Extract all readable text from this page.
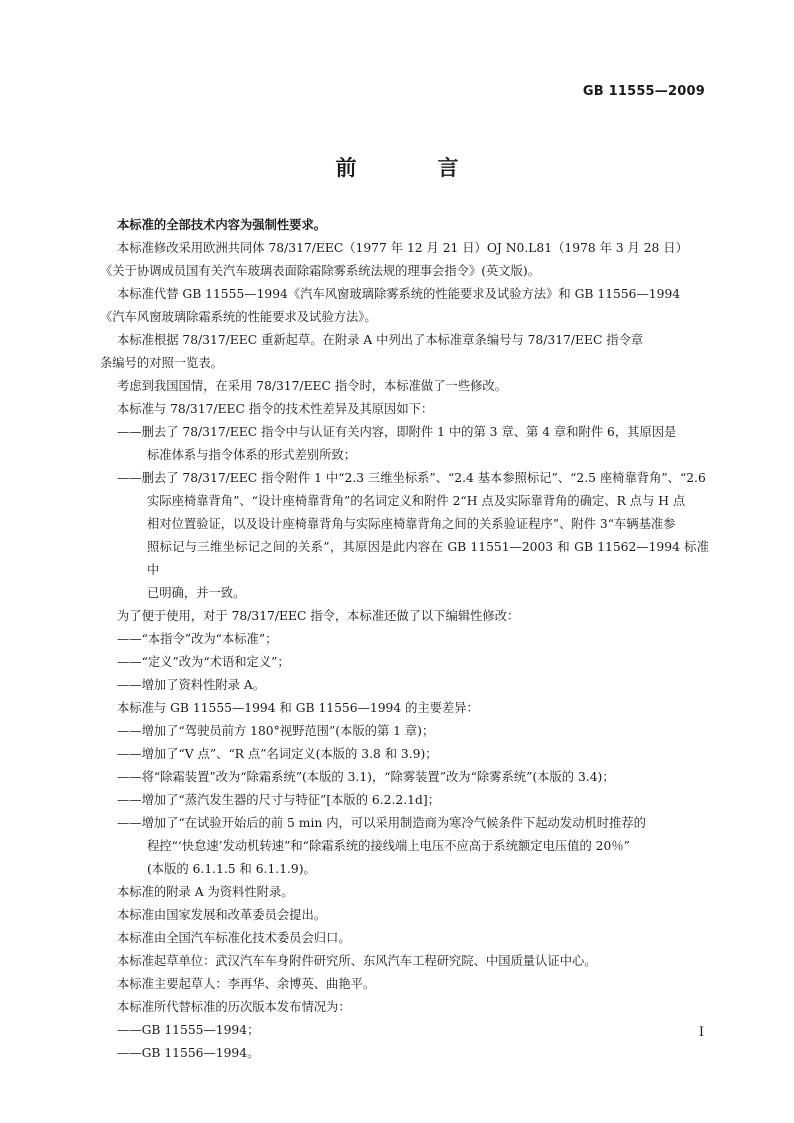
GB 11555—2009
前　言

本标准的全部技术内容为强制性要求。

本标准修改采用欧洲共同体 78/317/EEC（1977 年 12 月 21 日）OJ N0.L81（1978 年 3 月 28 日）

《关于协调成员国有关汽车玻璃表面除霜除雾系统法规的理事会指令》(英文版)。

本标准代替 GB 11555—1994《汽车风窗玻璃除雾系统的性能要求及试验方法》和 GB 11556—1994

《汽车风窗玻璃除霜系统的性能要求及试验方法》。

本标准根据 78/317/EEC 重新起草。在附录 A 中列出了本标准章条编号与 78/317/EEC 指令章

条编号的对照一览表。

考虑到我国国情，在采用 78/317/EEC 指令时，本标准做了一些修改。

本标准与 78/317/EEC 指令的技术性差异及其原因如下：

——删去了 78/317/EEC 指令中与认证有关内容，即附件 1 中的第 3 章、第 4 章和附件 6，其原因是

标准体系与指令体系的形式差别所致；

——删去了 78/317/EEC 指令附件 1 中“2.3 三维坐标系”、“2.4 基本参照标记”、“2.5 座椅靠背角”、“2.6

实际座椅靠背角”、“设计座椅靠背角”的名词定义和附件 2“H 点及实际靠背角的确定、R 点与 H 点

相对位置验证，以及设计座椅靠背角与实际座椅靠背角之间的关系验证程序”、附件 3“车辆基准参

照标记与三维坐标记之间的关系”，其原因是此内容在 GB 11551—2003 和 GB 11562—1994 标准中

已明确，并一致。

为了便于使用，对于 78/317/EEC 指令，本标准还做了以下编辑性修改：

——“本指令”改为“本标准”；

——“定义”改为“术语和定义”；

——增加了资料性附录 A。

本标准与 GB 11555—1994 和 GB 11556—1994 的主要差异：

——增加了“驾驶员前方 180°视野范围”(本版的第 1 章)；

——增加了“V 点”、“R 点”名词定义(本版的 3.8 和 3.9)；

——将“除霜装置”改为“除霜系统”(本版的 3.1)，“除雾装置”改为“除雾系统”(本版的 3.4)；

——增加了“蒸汽发生器的尺寸与特征”[本版的 6.2.2.1d]；

——增加了“在试验开始后的前 5 min 内，可以采用制造商为寒冷气候条件下起动发动机时推荐的

程控“‘快怠速’发动机转速”和“除霜系统的接线端上电压不应高于系统额定电压值的 20％”

(本版的 6.1.1.5 和 6.1.1.9)。

本标准的附录 A 为资料性附录。

本标准由国家发展和改革委员会提出。

本标准由全国汽车标准化技术委员会归口。

本标准起草单位：武汉汽车车身附件研究所、东风汽车工程研究院、中国质量认证中心。

本标准主要起草人：李再华、余博英、曲艳平。

本标准所代替标准的历次版本发布情况为：

——GB 11555—1994；

——GB 11556—1994。

I
